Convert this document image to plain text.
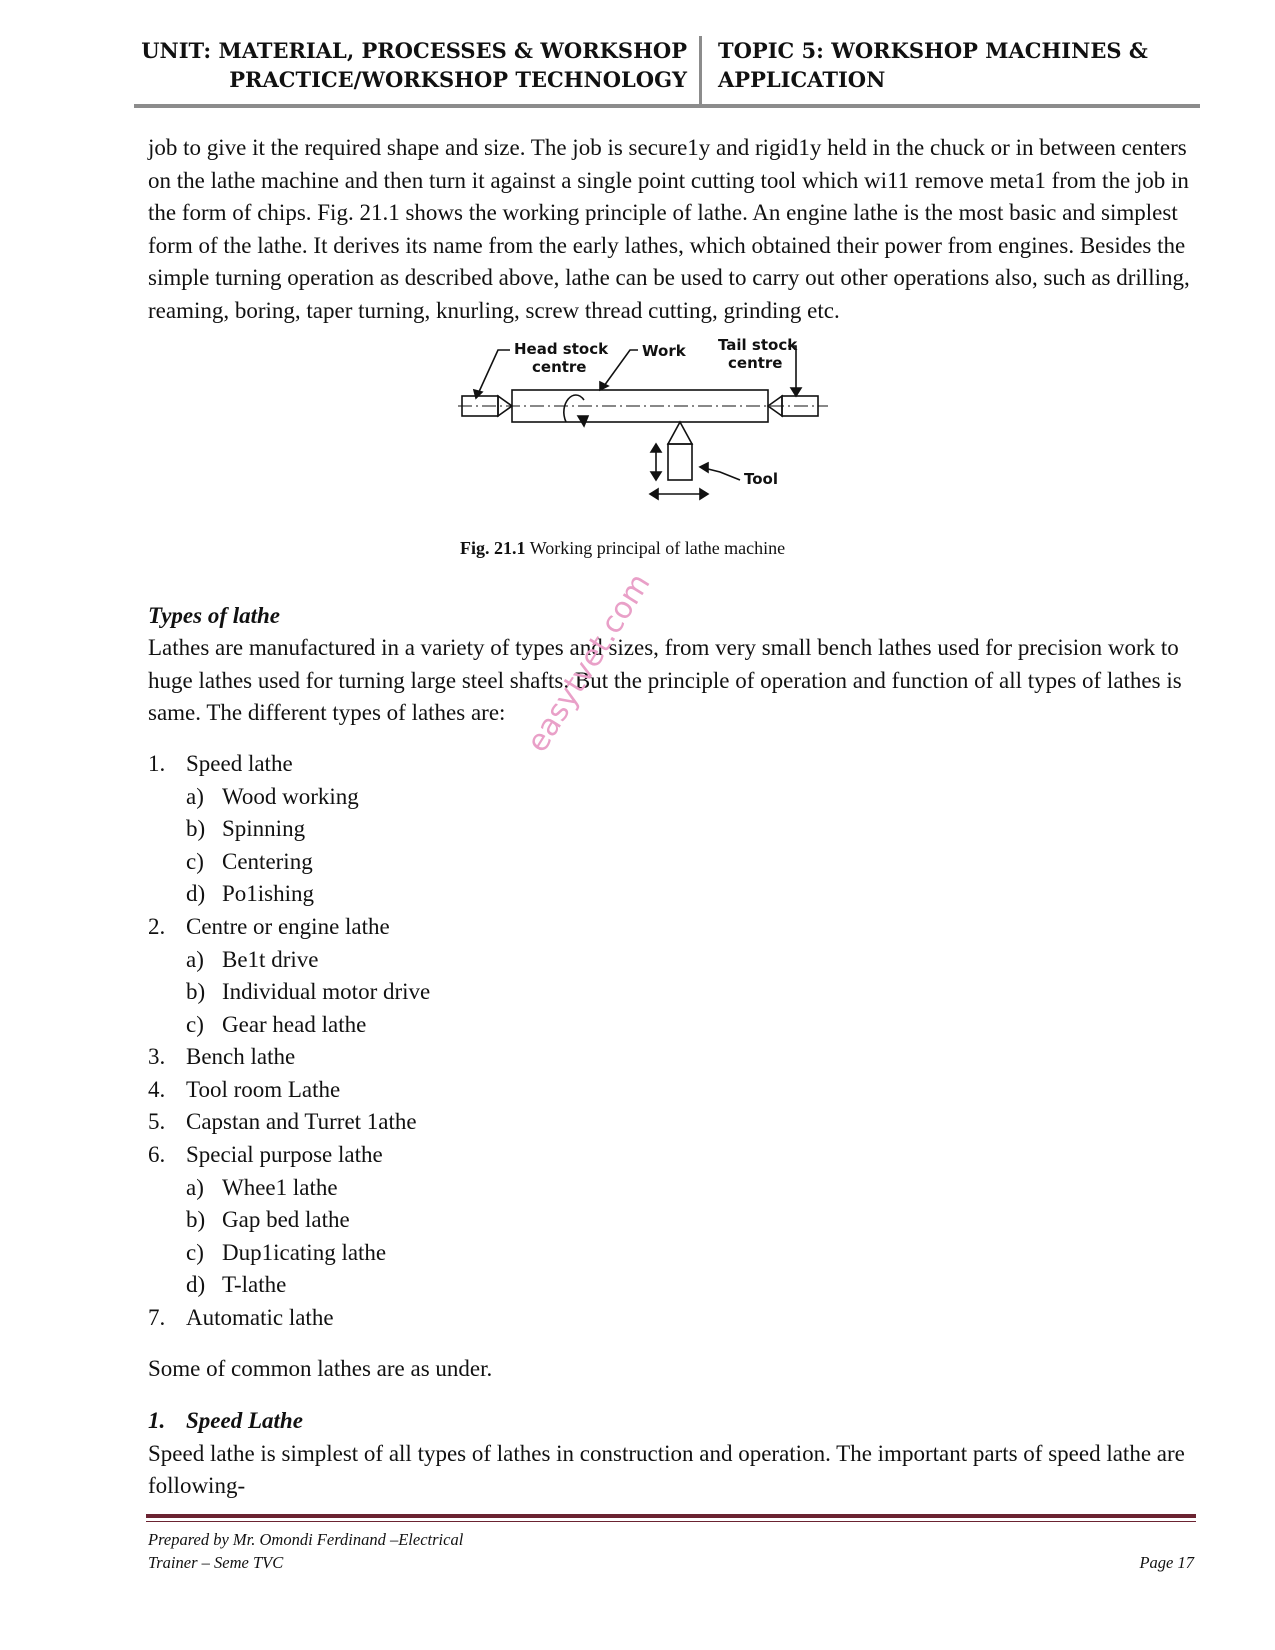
UNIT: MATERIAL, PROCESSES & WORKSHOP
PRACTICE/WORKSHOP TECHNOLOGY
TOPIC 5: WORKSHOP MACHINES &
APPLICATION

job to give it the required shape and size. The job is secure1y and rigid1y held in the chuck or in between centers on the lathe machine and then turn it against a single point cutting tool which wi11 remove meta1 from the job in the form of chips. Fig. 21.1 shows the working principle of lathe. An engine lathe is the most basic and simplest form of the lathe. It derives its name from the early lathes, which obtained their power from engines. Besides the simple turning operation as described above, lathe can be used to carry out other operations also, such as drilling, reaming, boring, taper turning, knurling, screw thread cutting, grinding etc.

Head stock
centre
Work Tail stock
centre
Tool
Fig. 21.1 Working principal of lathe machine

Types of lathe

Lathes are manufactured in a variety of types and sizes, from very small bench lathes used for precision work to huge lathes used for turning large steel shafts. But the principle of operation and function of all types of lathes is same. The different types of lathes are:

1. Speed lathe
a) Wood working
b) Spinning
c) Centering
d) Po1ishing
2. Centre or engine lathe
a) Be1t drive
b) Individual motor drive
c) Gear head lathe
3. Bench lathe
4. Tool room Lathe
5. Capstan and Turret 1athe
6. Special purpose lathe
a) Whee1 lathe
b) Gap bed lathe
c) Dup1icating lathe
d) T-lathe
7. Automatic lathe

Some of common lathes are as under.

1. Speed Lathe

Speed lathe is simplest of all types of lathes in construction and operation. The important parts of speed lathe are following-

easytvet.com
Prepared by Mr. Omondi Ferdinand –Electrical
Trainer – Seme TVC	Page 17
